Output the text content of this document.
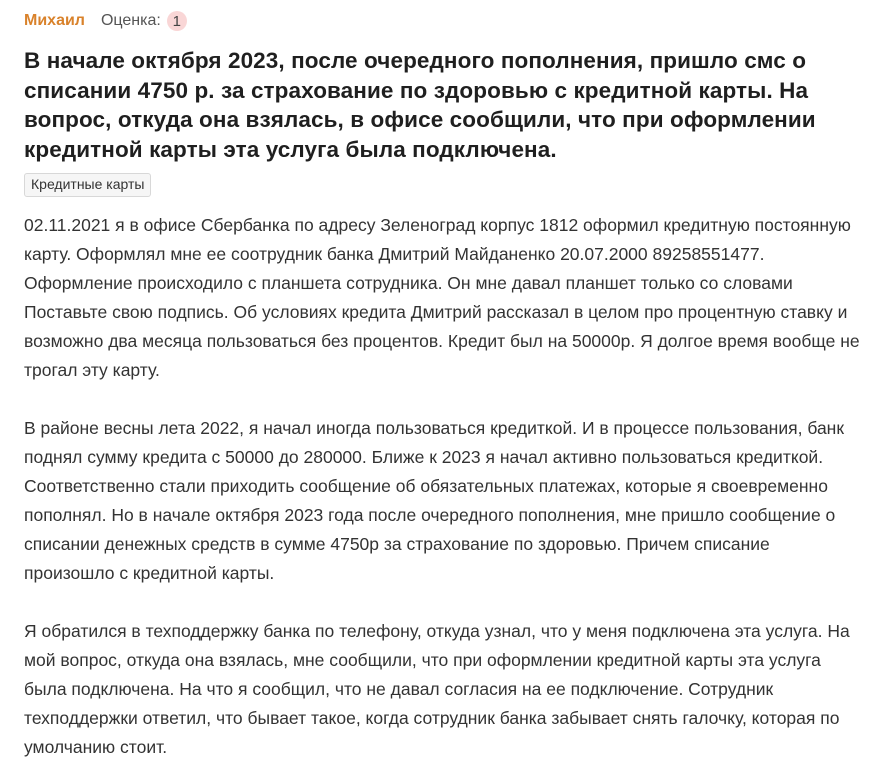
Михаил Оценка: 1
В начале октября 2023, после очередного пополнения, пришло смс о списании 4750 р. за страхование по здоровью с кредитной карты. На вопрос, откуда она взялась, в офисе сообщили, что при оформлении кредитной карты эта услуга была подключена.
Кредитные карты

02.11.2021 я в офисе Сбербанка по адресу Зеленоград корпус 1812 оформил кредитную постоянную карту. Оформлял мне ее соотрудник банка Дмитрий Майданенко 20.07.2000 89258551477. Оформление происходило с планшета сотрудника. Он мне давал планшет только со словами Поставьте свою подпись. Об условиях кредита Дмитрий рассказал в целом про процентную ставку и возможно два месяца пользоваться без процентов. Кредит был на 50000р. Я долгое время вообще не трогал эту карту.

В районе весны лета 2022, я начал иногда пользоваться кредиткой. И в процессе пользования, банк поднял сумму кредита с 50000 до 280000. Ближе к 2023 я начал активно пользоваться кредиткой. Соответственно стали приходить сообщение об обязательных платежах, которые я своевременно пополнял. Но в начале октября 2023 года после очередного пополнения, мне пришло сообщение о списании денежных средств в сумме 4750р за страхование по здоровью. Причем списание произошло с кредитной карты.

Я обратился в техподдержку банка по телефону, откуда узнал, что у меня подключена эта услуга. На мой вопрос, откуда она взялась, мне сообщили, что при оформлении кредитной карты эта услуга была подключена. На что я сообщил, что не давал согласия на ее подключение. Сотрудник техподдержки ответил, что бывает такое, когда сотрудник банка забывает снять галочку, которая по умолчанию стоит.
